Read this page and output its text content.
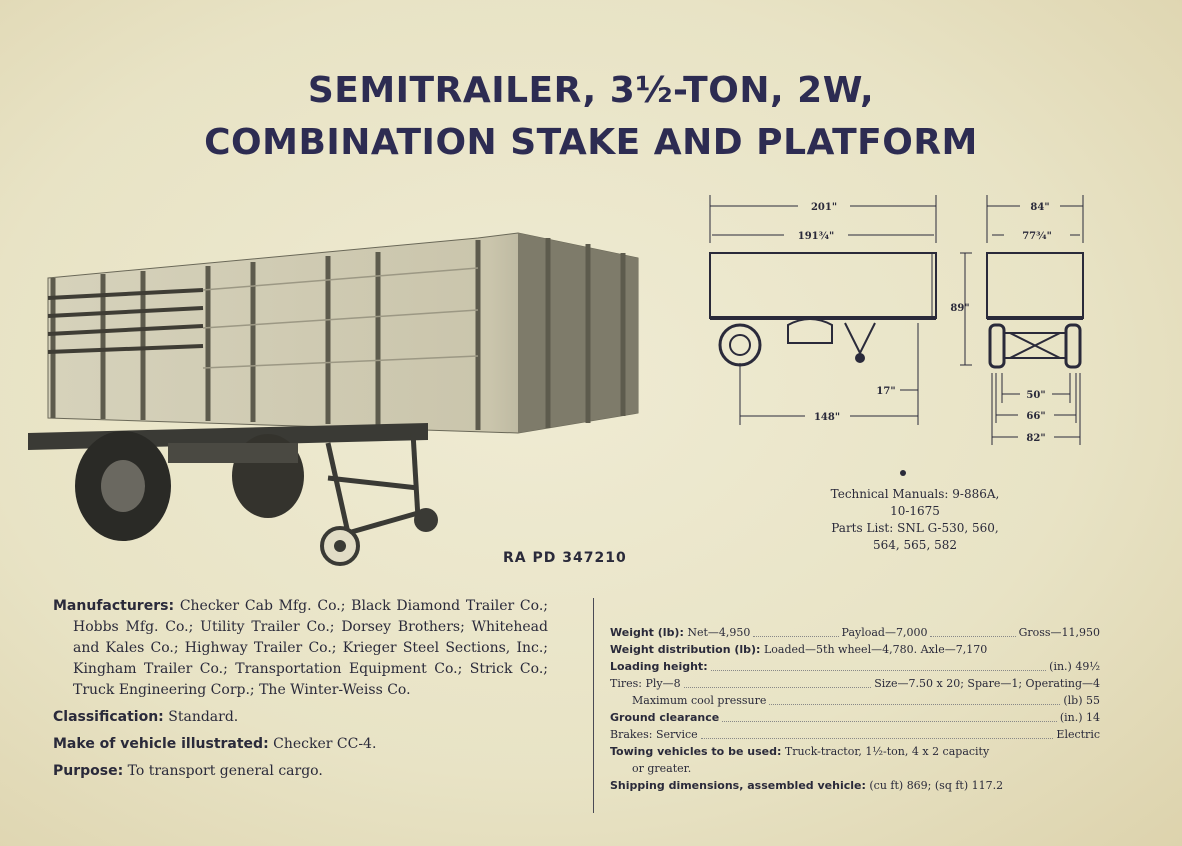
SEMITRAILER, 3½-TON, 2W,
COMBINATION STAKE AND PLATFORM
201"
191¾"
17"
148"
84"
77¾"
89"
50"
66"
82"
RA PD 347210
Technical Manuals: 9-886A,
10-1675
Parts List: SNL G-530, 560,
564, 565, 582

Manufacturers: Checker Cab Mfg. Co.; Black Diamond Trailer Co.; Hobbs Mfg. Co.; Utility Trailer Co.; Dorsey Brothers; Whitehead and Kales Co.; Highway Trailer Co.; Krieger Steel Sections, Inc.; Kingham Trailer Co.; Transportation Equipment Co.; Strick Co.; Truck Engineering Corp.; The Winter-Weiss Co.

Classification: Standard.

Make of vehicle illustrated: Checker CC-4.

Purpose: To transport general cargo.

Weight (lb):
Net—4,950	Payload—7,000	Gross—11,950
Weight distribution (lb):
Loaded—5th wheel—4,780. Axle—7,170
Loading height:	(in.) 49½
Tires:
Ply—8	Size—7.50 x 20; Spare—1; Operating—4
Maximum cool pressure	(lb) 55
Ground clearance	(in.) 14
Brakes:
Service	Electric
Towing vehicles to be used:
Truck-tractor, 1½-ton, 4 x 2 capacity
or greater.
Shipping dimensions, assembled vehicle:
(cu ft) 869; (sq ft) 117.2
